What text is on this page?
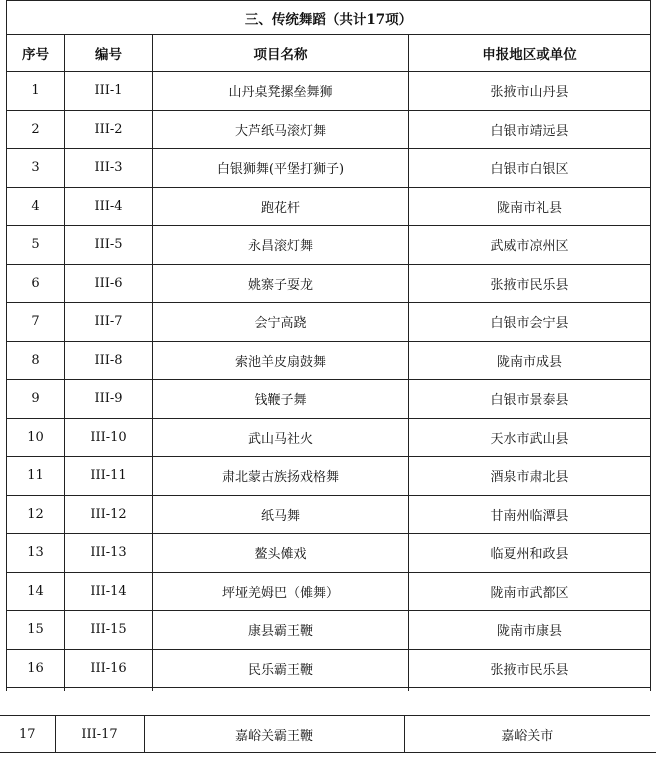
三、传统舞蹈（共计17项）			
序号	编号	项目名称	申报地区或单位
1	III-1	山丹桌凳摞垒舞狮	张掖市山丹县
2	III-2	大芦纸马滚灯舞	白银市靖远县
3	III-3	白银狮舞(平堡打狮子)	白银市白银区
4	III-4	跑花杆	陇南市礼县
5	III-5	永昌滚灯舞	武威市凉州区
6	III-6	姚寨子耍龙	张掖市民乐县
7	III-7	会宁高跷	白银市会宁县
8	III-8	索池羊皮扇鼓舞	陇南市成县
9	III-9	钱鞭子舞	白银市景泰县
10	III-10	武山马社火	天水市武山县
11	III-11	肃北蒙古族扬戏格舞	酒泉市肃北县
12	III-12	纸马舞	甘南州临潭县
13	III-13	鳌头傩戏	临夏州和政县
14	III-14	坪垭羌姆巴（傩舞）	陇南市武都区
15	III-15	康县霸王鞭	陇南市康县
16	III-16	民乐霸王鞭	张掖市民乐县

17	III-17	嘉峪关霸王鞭	嘉峪关市
